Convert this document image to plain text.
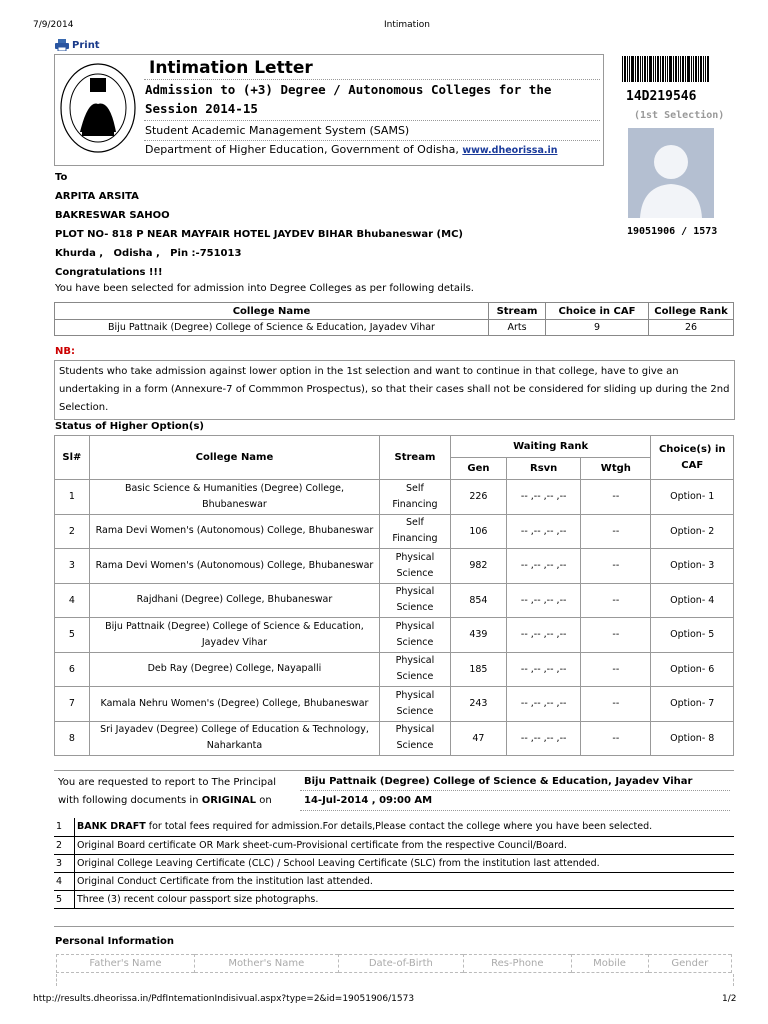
7/9/2014	Intimation
Print
Intimation Letter
Admission to (+3) Degree / Autonomous Colleges for the
Session 2014-15
Student Academic Management System (SAMS)
Department of Higher Education, Government of Odisha, www.dheorissa.in
14D219546
(1st Selection)
19051906 / 1573
To
ARPITA ARSITA
BAKRESWAR SAHOO
PLOT NO- 818 P NEAR MAYFAIR HOTEL JAYDEV BIHAR Bhubaneswar (MC)
Khurda ,   Odisha ,   Pin :-751013
Congratulations !!!
You have been selected for admission into Degree Colleges as per following details.
College Name	Stream	Choice in CAF	College Rank
Biju Pattnaik (Degree) College of Science & Education, Jayadev Vihar	Arts	9	26
NB:
Students who take admission against lower option in the 1st selection and want to continue in that college, have to give an undertaking in a form (Annexure-7 of Commmon Prospectus), so that their cases shall not be considered for sliding up during the 2nd Selection.
Status of Higher Option(s)
Sl#	College Name	Stream	Waiting Rank			Choice(s) in CAF
			Gen	Rsvn	Wtgh	
1	Basic Science & Humanities (Degree) College, Bhubaneswar	Self Financing	226	-- ,-- ,-- ,--	--	Option- 1
2	Rama Devi Women's (Autonomous) College, Bhubaneswar	Self Financing	106	-- ,-- ,-- ,--	--	Option- 2
3	Rama Devi Women's (Autonomous) College, Bhubaneswar	Physical Science	982	-- ,-- ,-- ,--	--	Option- 3
4	Rajdhani (Degree) College, Bhubaneswar	Physical Science	854	-- ,-- ,-- ,--	--	Option- 4
5	Biju Pattnaik (Degree) College of Science & Education, Jayadev Vihar	Physical Science	439	-- ,-- ,-- ,--	--	Option- 5
6	Deb Ray (Degree) College, Nayapalli	Physical Science	185	-- ,-- ,-- ,--	--	Option- 6
7	Kamala Nehru Women's (Degree) College, Bhubaneswar	Physical Science	243	-- ,-- ,-- ,--	--	Option- 7
8	Sri Jayadev (Degree) College of Education & Technology, Naharkanta	Physical Science	47	-- ,-- ,-- ,--	--	Option- 8
You are requested to report to The Principal
with following documents in ORIGINAL on
Biju Pattnaik (Degree) College of Science & Education, Jayadev Vihar
14-Jul-2014 , 09:00 AM
1	BANK DRAFT for total fees required for admission.For details,Please contact the college where you have been selected.
2	Original Board certificate OR Mark sheet-cum-Provisional certificate from the respective Council/Board.
3	Original College Leaving Certificate (CLC) / School Leaving Certificate (SLC) from the institution last attended.
4	Original Conduct Certificate from the institution last attended.
5	Three (3) recent colour passport size photographs.
Personal Information
Father's Name	Mother's Name	Date-of-Birth	Res-Phone	Mobile	Gender
http://results.dheorissa.in/PdfIntemationIndisivual.aspx?type=2&id=19051906/1573	1/2
